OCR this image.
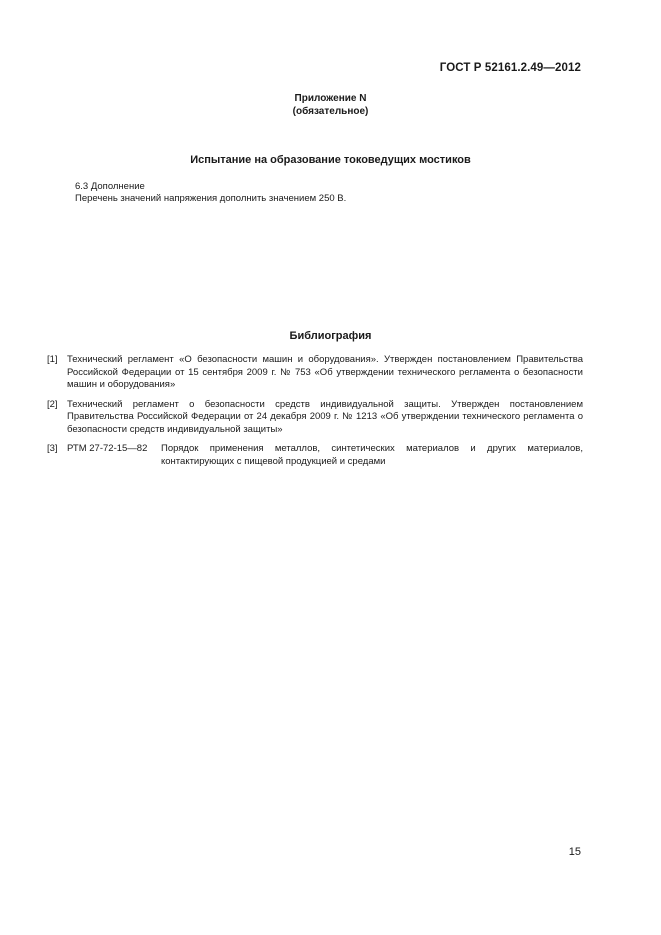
ГОСТ Р 52161.2.49—2012
Приложение N
(обязательное)
Испытание на образование токоведущих мостиков
6.3 Дополнение
Перечень значений напряжения дополнить значением 250 В.
Библиография
[1] Технический регламент «О безопасности машин и оборудования». Утвержден постановлением Правительства Российской Федерации от 15 сентября 2009 г. № 753 «Об утверждении технического регламента о безопасности машин и оборудования»
[2] Технический регламент о безопасности средств индивидуальной защиты. Утвержден постановлением Правительства Российской Федерации от 24 декабря 2009 г. № 1213 «Об утверждении технического регламента о безопасности средств индивидуальной защиты»
[3] РТМ 27-72-15—82	Порядок применения металлов, синтетических материалов и других материалов, контактирующих с пищевой продукцией и средами
15
